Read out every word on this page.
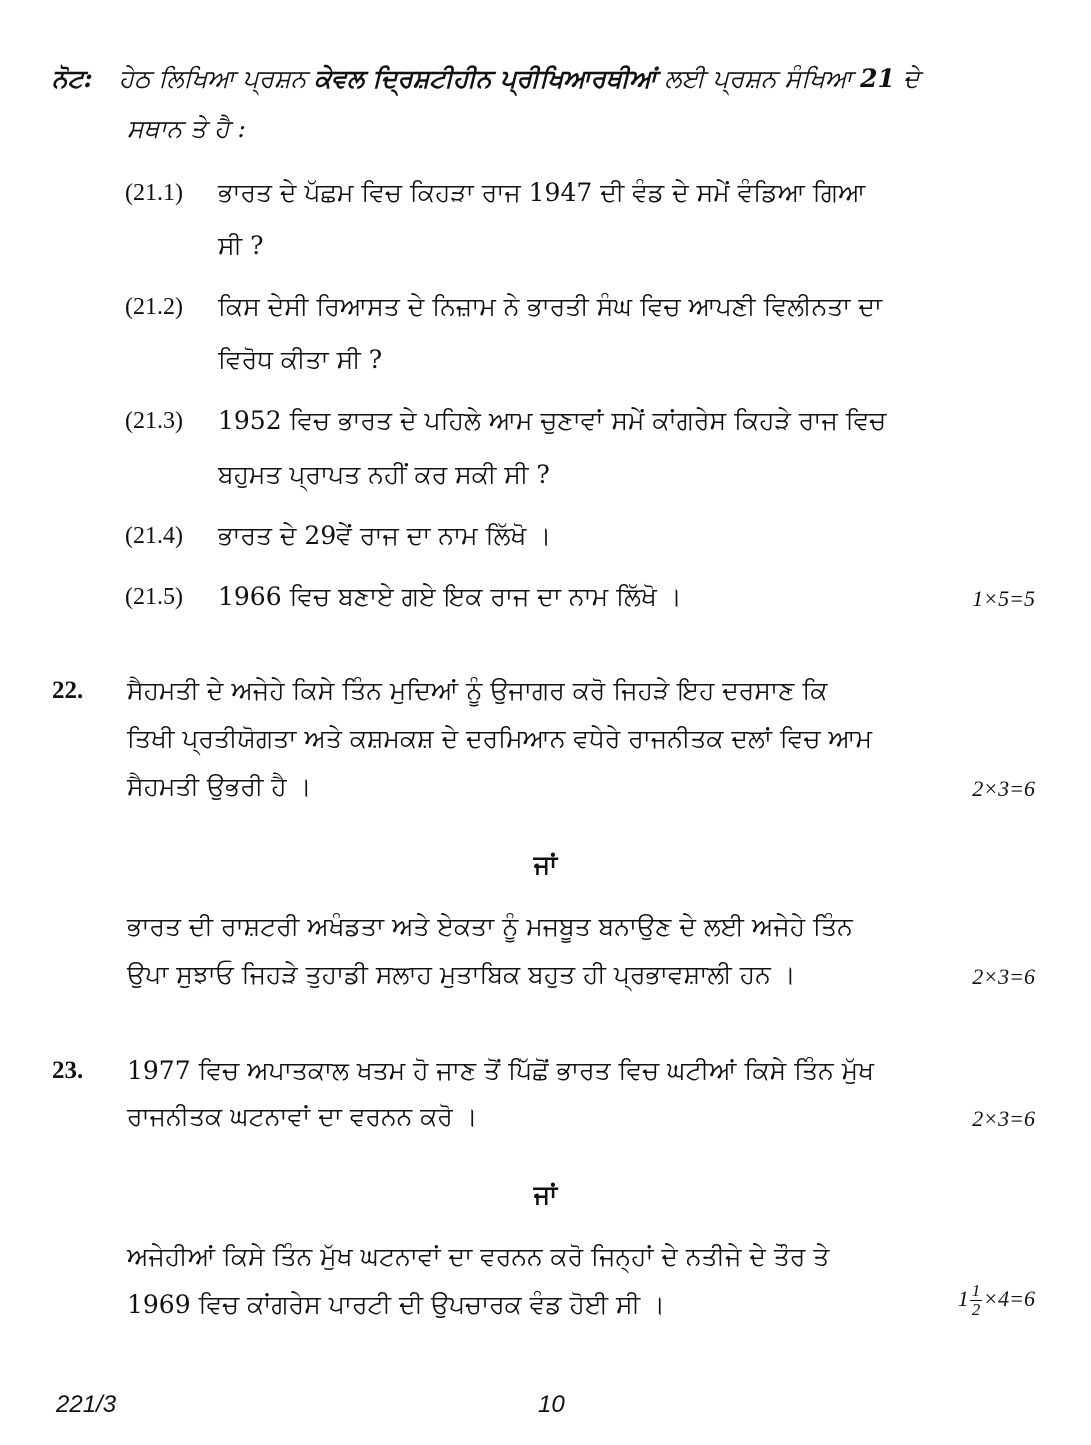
ਨੋਟ: ਹੇਠ ਲਿਖਿਆ ਪ੍ਰਸ਼ਨ ਕੇਵਲ ਦ੍ਰਿਸ਼ਟੀਹੀਨ ਪ੍ਰੀਖਿਆਰਥੀਆਂ ਲਈ ਪ੍ਰਸ਼ਨ ਸੰਖਿਆ 21 ਦੇ
ਸਥਾਨ ਤੇ ਹੈ :
(21.1) ਭਾਰਤ ਦੇ ਪੱਛਮ ਵਿਚ ਕਿਹੜਾ ਰਾਜ 1947 ਦੀ ਵੰਡ ਦੇ ਸਮੇਂ ਵੰਡਿਆ ਗਿਆ
ਸੀ ?
(21.2) ਕਿਸ ਦੇਸੀ ਰਿਆਸਤ ਦੇ ਨਿਜ਼ਾਮ ਨੇ ਭਾਰਤੀ ਸੰਘ ਵਿਚ ਆਪਣੀ ਵਿਲੀਨਤਾ ਦਾ
ਵਿਰੋਧ ਕੀਤਾ ਸੀ ?
(21.3) 1952 ਵਿਚ ਭਾਰਤ ਦੇ ਪਹਿਲੇ ਆਮ ਚੁਣਾਵਾਂ ਸਮੇਂ ਕਾਂਗਰੇਸ ਕਿਹੜੇ ਰਾਜ ਵਿਚ
ਬਹੁਮਤ ਪ੍ਰਾਪਤ ਨਹੀਂ ਕਰ ਸਕੀ ਸੀ ?
(21.4) ਭਾਰਤ ਦੇ 29ਵੇਂ ਰਾਜ ਦਾ ਨਾਮ ਲਿੱਖੋ ।
(21.5) 1966 ਵਿਚ ਬਣਾਏ ਗਏ ਇਕ ਰਾਜ ਦਾ ਨਾਮ ਲਿੱਖੋ ।	1×5=5
22. ਸੈਹਮਤੀ ਦੇ ਅਜੇਹੇ ਕਿਸੇ ਤਿੰਨ ਮੁਦਿਆਂ ਨੂੰ ਉਜਾਗਰ ਕਰੋ ਜਿਹੜੇ ਇਹ ਦਰਸਾਣ ਕਿ
ਤਿਖੀ ਪ੍ਰਤੀਯੋਗਤਾ ਅਤੇ ਕਸ਼ਮਕਸ਼ ਦੇ ਦਰਮਿਆਨ ਵਧੇਰੇ ਰਾਜਨੀਤਕ ਦਲਾਂ ਵਿਚ ਆਮ
ਸੈਹਮਤੀ ਉਭਰੀ ਹੈ ।	2×3=6
ਜਾਂ
ਭਾਰਤ ਦੀ ਰਾਸ਼ਟਰੀ ਅਖੰਡਤਾ ਅਤੇ ਏਕਤਾ ਨੂੰ ਮਜਬੂਤ ਬਨਾਉਣ ਦੇ ਲਈ ਅਜੇਹੇ ਤਿੰਨ
ਉਪਾ ਸੁਝਾਓ ਜਿਹੜੇ ਤੁਹਾਡੀ ਸਲਾਹ ਮੁਤਾਬਿਕ ਬਹੁਤ ਹੀ ਪ੍ਰਭਾਵਸ਼ਾਲੀ ਹਨ ।	2×3=6
23. 1977 ਵਿਚ ਅਪਾਤਕਾਲ ਖਤਮ ਹੋ ਜਾਣ ਤੋਂ ਪਿੱਛੋਂ ਭਾਰਤ ਵਿਚ ਘਟੀਆਂ ਕਿਸੇ ਤਿੰਨ ਮੁੱਖ
ਰਾਜਨੀਤਕ ਘਟਨਾਵਾਂ ਦਾ ਵਰਨਨ ਕਰੋ ।	2×3=6
ਜਾਂ
ਅਜੇਹੀਆਂ ਕਿਸੇ ਤਿੰਨ ਮੁੱਖ ਘਟਨਾਵਾਂ ਦਾ ਵਰਨਨ ਕਰੋ ਜਿਨ੍ਹਾਂ ਦੇ ਨਤੀਜੇ ਦੇ ਤੌਰ ਤੇ
1969 ਵਿਚ ਕਾਂਗਰੇਸ ਪਾਰਟੀ ਦੀ ਉਪਚਾਰਕ ਵੰਡ ਹੋਈ ਸੀ ।	$1 \frac{1}{2} \times 4=6$
221/3	10
